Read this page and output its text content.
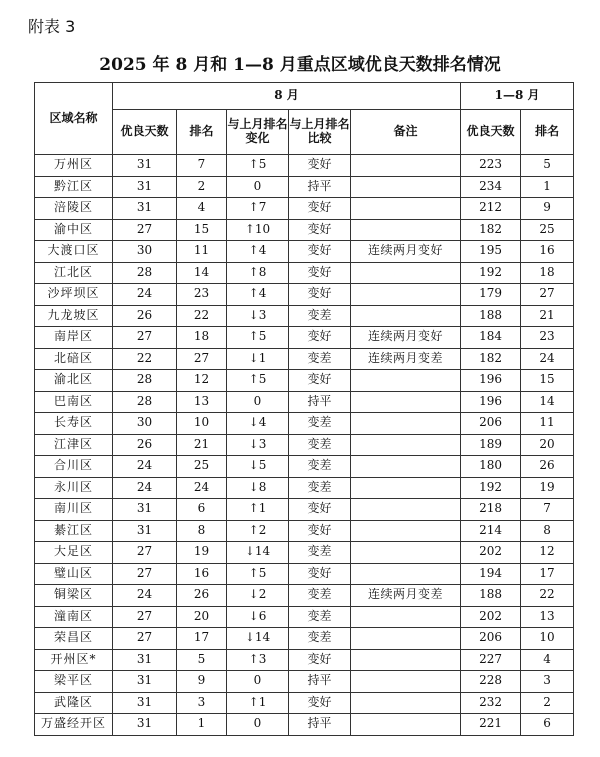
附表 3
2025 年 8 月和 1—8 月重点区域优良天数排名情况
区域名称	8 月					1—8 月	
	优良天数	排名	与上月排名变化	与上月排名比较	备注	优良天数	排名
万州区	31	7	↑5	变好		223	5
黔江区	31	2	0	持平		234	1
涪陵区	31	4	↑7	变好		212	9
渝中区	27	15	↑10	变好		182	25
大渡口区	30	11	↑4	变好	连续两月变好	195	16
江北区	28	14	↑8	变好		192	18
沙坪坝区	24	23	↑4	变好		179	27
九龙坡区	26	22	↓3	变差		188	21
南岸区	27	18	↑5	变好	连续两月变好	184	23
北碚区	22	27	↓1	变差	连续两月变差	182	24
渝北区	28	12	↑5	变好		196	15
巴南区	28	13	0	持平		196	14
长寿区	30	10	↓4	变差		206	11
江津区	26	21	↓3	变差		189	20
合川区	24	25	↓5	变差		180	26
永川区	24	24	↓8	变差		192	19
南川区	31	6	↑1	变好		218	7
綦江区	31	8	↑2	变好		214	8
大足区	27	19	↓14	变差		202	12
璧山区	27	16	↑5	变好		194	17
铜梁区	24	26	↓2	变差	连续两月变差	188	22
潼南区	27	20	↓6	变差		202	13
荣昌区	27	17	↓14	变差		206	10
开州区*	31	5	↑3	变好		227	4
梁平区	31	9	0	持平		228	3
武隆区	31	3	↑1	变好		232	2
万盛经开区	31	1	0	持平		221	6
